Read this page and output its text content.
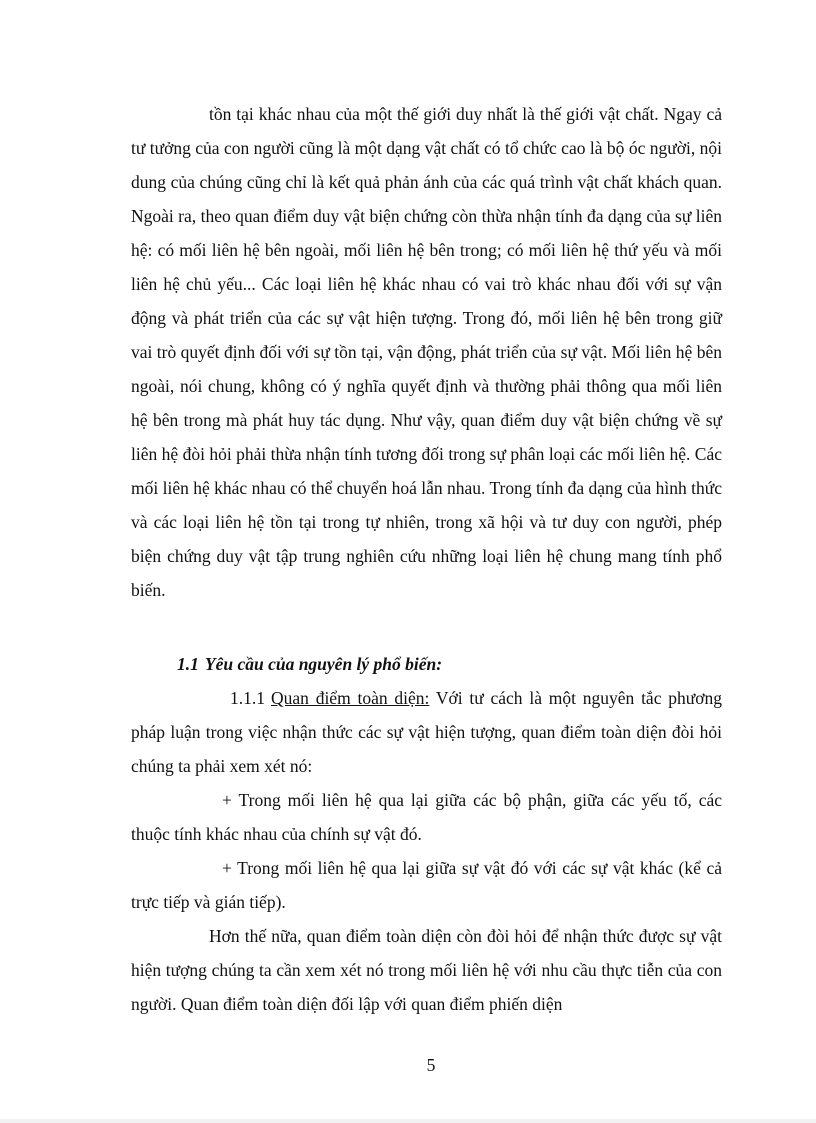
tồn tại khác nhau của một thế giới duy nhất là thế giới vật chất. Ngay cả tư tưởng của con người cũng là một dạng vật chất có tổ chức cao là bộ óc người, nội dung của chúng cũng chỉ là kết quả phản ánh của các quá trình vật chất khách quan. Ngoài ra, theo quan điểm duy vật biện chứng còn thừa nhận tính đa dạng của sự liên hệ: có mối liên hệ bên ngoài, mối liên hệ bên trong; có mối liên hệ thứ yếu và mối liên hệ chủ yếu... Các loại liên hệ khác nhau có vai trò khác nhau đối với sự vận động và phát triển của các sự vật hiện tượng. Trong đó, mối liên hệ bên trong giữ vai trò quyết định đối với sự tồn tại, vận động, phát triển của sự vật. Mối liên hệ bên ngoài, nói chung, không có ý nghĩa quyết định và thường phải thông qua mối liên hệ bên trong mà phát huy tác dụng. Như vậy, quan điểm duy vật biện chứng về sự liên hệ đòi hỏi phải thừa nhận tính tương đối trong sự phân loại các mối liên hệ. Các mối liên hệ khác nhau có thể chuyển hoá lẫn nhau. Trong tính đa dạng của hình thức và các loại liên hệ tồn tại trong tự nhiên, trong xã hội và tư duy con người, phép biện chứng duy vật tập trung nghiên cứu những loại liên hệ chung mang tính phổ biến.

1.1 Yêu cầu của nguyên lý phổ biến:

1.1.1 Quan điểm toàn diện: Với tư cách là một nguyên tắc phương pháp luận trong việc nhận thức các sự vật hiện tượng, quan điểm toàn diện đòi hỏi chúng ta phải xem xét nó:

+ Trong mối liên hệ qua lại giữa các bộ phận, giữa các yếu tố, các thuộc tính khác nhau của chính sự vật đó.

+ Trong mối liên hệ qua lại giữa sự vật đó với các sự vật khác (kể cả trực tiếp và gián tiếp).

Hơn thế nữa, quan điểm toàn diện còn đòi hỏi để nhận thức được sự vật hiện tượng chúng ta cần xem xét nó trong mối liên hệ với nhu cầu thực tiễn của con người. Quan điểm toàn diện đối lập với quan điểm phiến diện

5
